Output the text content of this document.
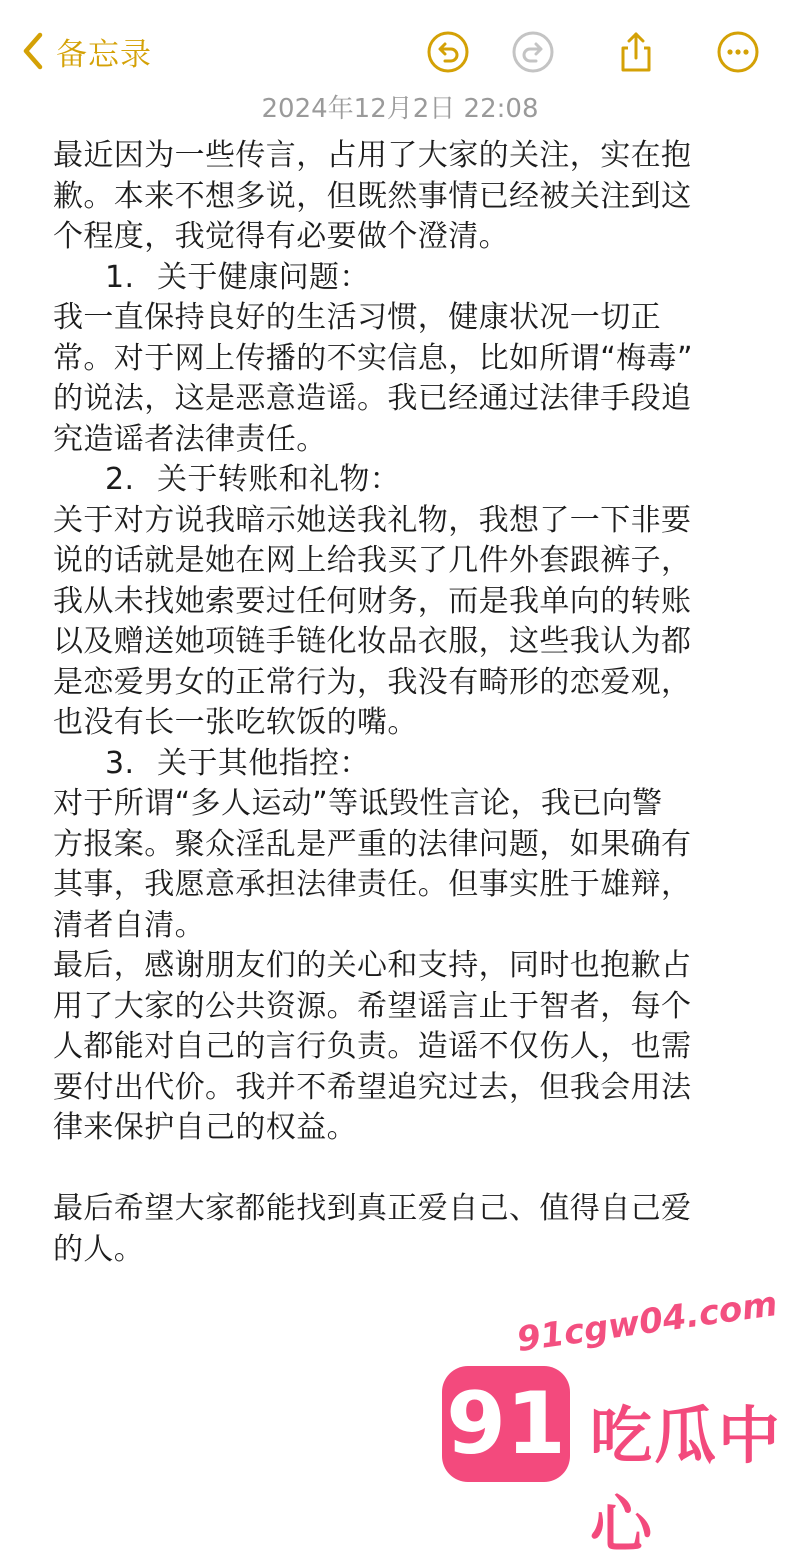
备忘录
2024年12月2日 22:08

最近因为一些传言，占用了大家的关注，实在抱

歉。本来不想多说，但既然事情已经被关注到这

个程度，我觉得有必要做个澄清。

1. 关于健康问题：

我一直保持良好的生活习惯，健康状况一切正

常。对于网上传播的不实信息，比如所谓“梅毒”

的说法，这是恶意造谣。我已经通过法律手段追

究造谣者法律责任。

2. 关于转账和礼物：

关于对方说我暗示她送我礼物，我想了一下非要

说的话就是她在网上给我买了几件外套跟裤子，

我从未找她索要过任何财务，而是我单向的转账

以及赠送她项链手链化妆品衣服，这些我认为都

是恋爱男女的正常行为，我没有畸形的恋爱观，

也没有长一张吃软饭的嘴。

3. 关于其他指控：

对于所谓“多人运动”等诋毁性言论，我已向警

方报案。聚众淫乱是严重的法律问题，如果确有

其事，我愿意承担法律责任。但事实胜于雄辩，

清者自清。

最后，感谢朋友们的关心和支持，同时也抱歉占

用了大家的公共资源。希望谣言止于智者，每个

人都能对自己的言行负责。造谣不仅伤人，也需

要付出代价。我并不希望追究过去，但我会用法

律来保护自己的权益。

最后希望大家都能找到真正爱自己、值得自己爱

的人。

91cgw04.com
91 吃瓜中心
